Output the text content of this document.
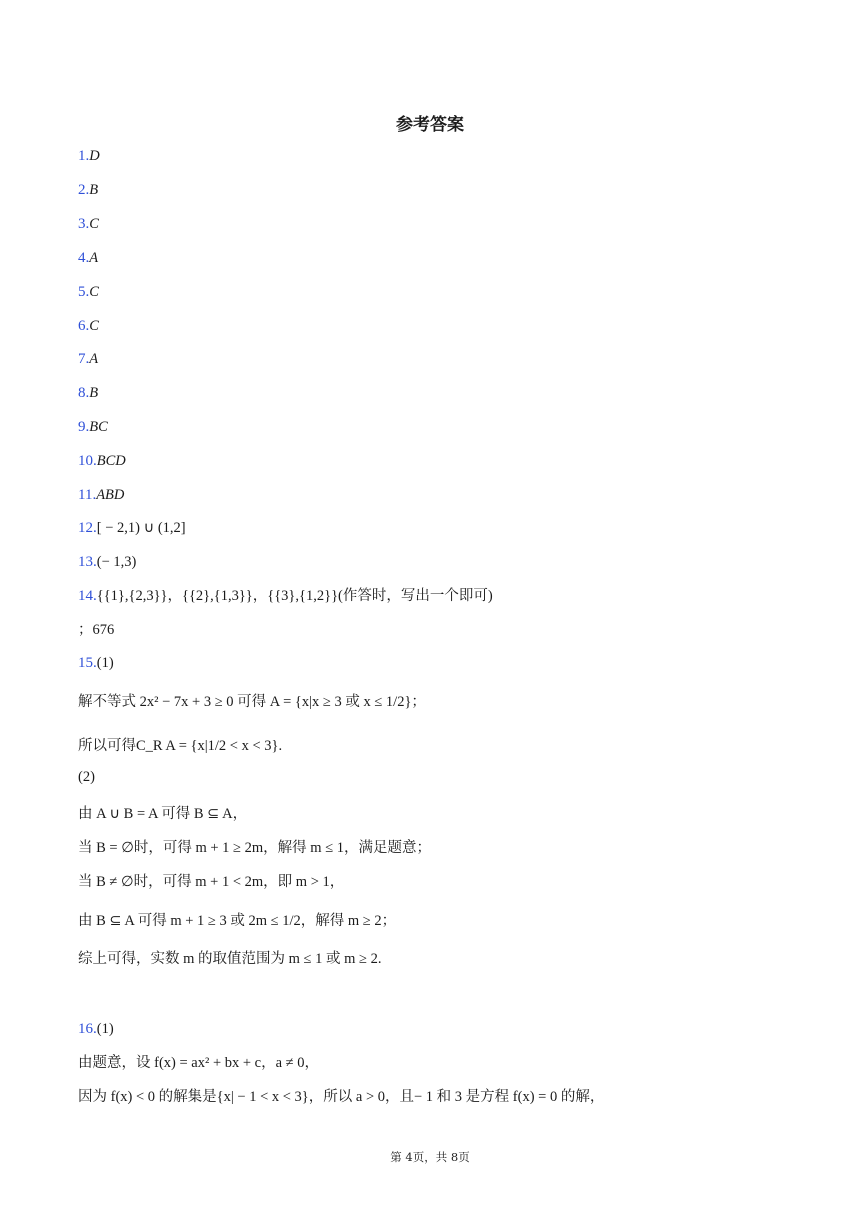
参考答案
1.D
2.B
3.C
4.A
5.C
6.C
7.A
8.B
9.BC
10.BCD
11.ABD
12.[ − 2,1) ∪ (1,2]
13.(− 1,3)
14.{{1},{2,3}}，{{2},{1,3}}，{{3},{1,2}}(作答时，写出一个即可)
；676
15.(1)
解不等式 2x² − 7x + 3 ≥ 0 可得 A = {x|x ≥ 3 或 x ≤ 1/2}；
所以可得C_R A = {x|1/2 < x < 3}.
(2)
由 A ∪ B = A 可得 B ⊆ A，
当 B = ∅时，可得 m + 1 ≥ 2m，解得 m ≤ 1，满足题意；
当 B ≠ ∅时，可得 m + 1 < 2m，即 m > 1，
由 B ⊆ A 可得 m + 1 ≥ 3 或 2m ≤ 1/2，解得 m ≥ 2；
综上可得，实数 m 的取值范围为 m ≤ 1 或 m ≥ 2.
16.(1)
由题意，设 f(x) = ax² + bx + c，a ≠ 0，
因为 f(x) < 0 的解集是{x| − 1 < x < 3}，所以 a > 0，且− 1 和 3 是方程 f(x) = 0 的解，
第 4页，共 8页
